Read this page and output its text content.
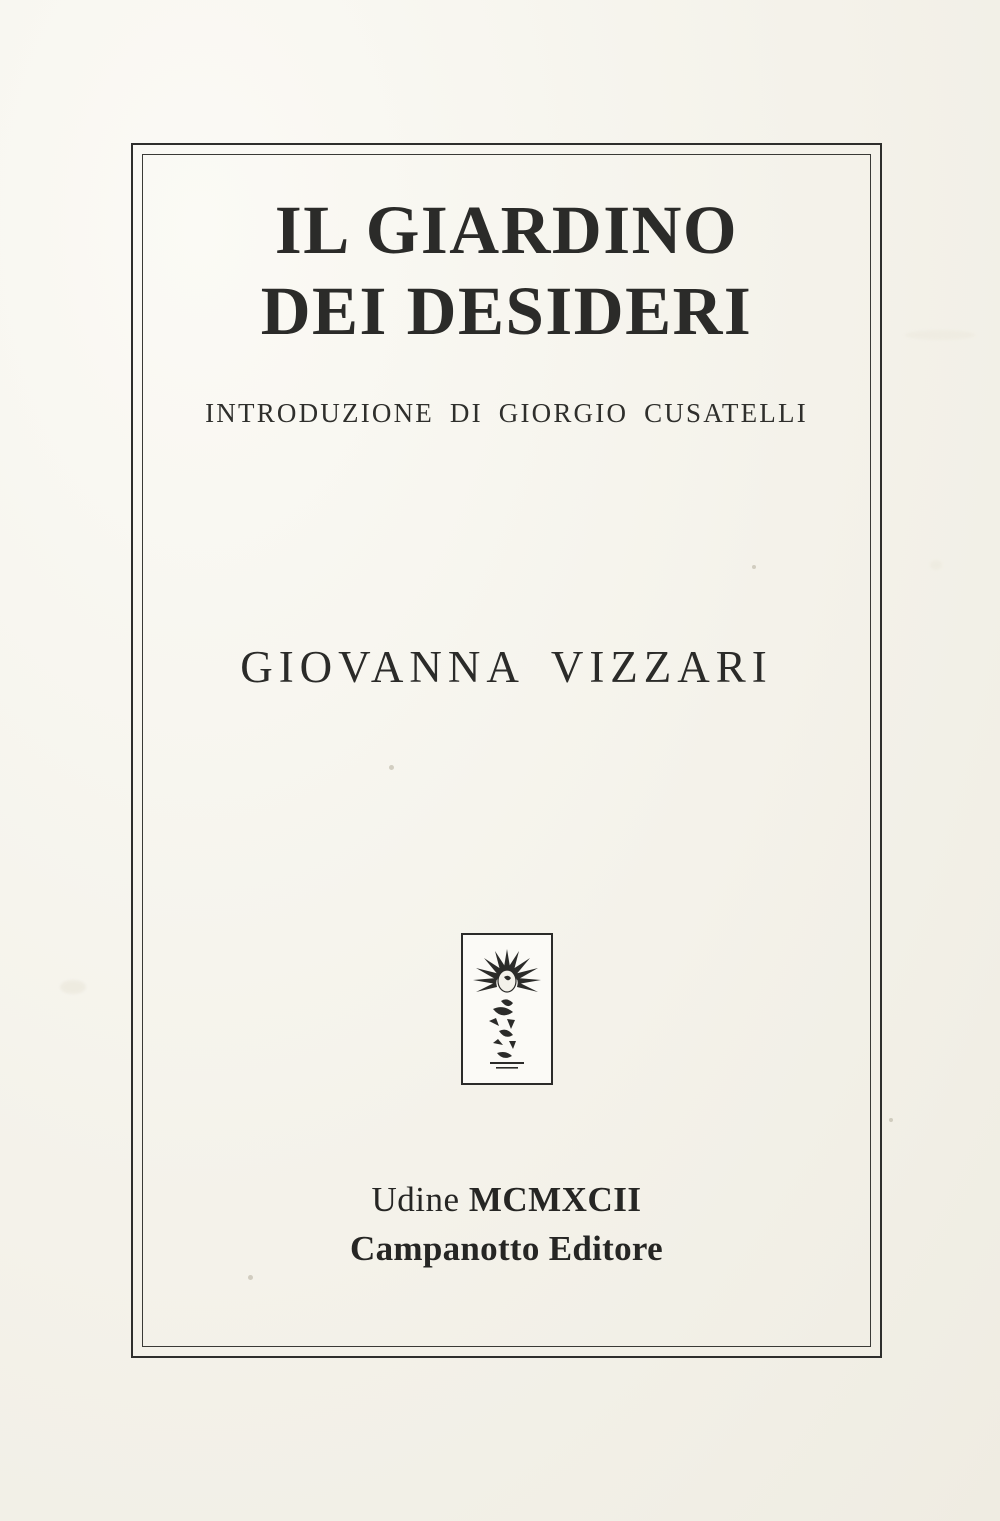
IL GIARDINO
DEI DESIDERI
INTRODUZIONE DI GIORGIO CUSATELLI
GIOVANNA VIZZARI
Udine MCMXCII
Campanotto Editore
